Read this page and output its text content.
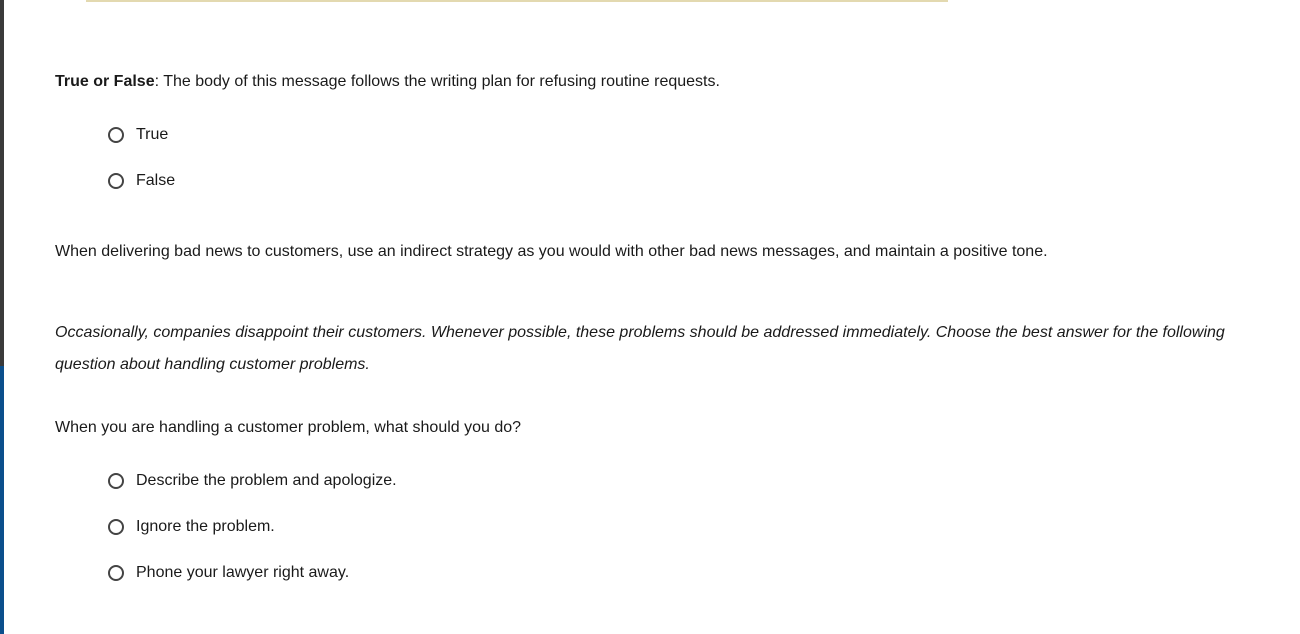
True or False: The body of this message follows the writing plan for refusing routine requests.
True
False
When delivering bad news to customers, use an indirect strategy as you would with other bad news messages, and maintain a positive tone.
Occasionally, companies disappoint their customers. Whenever possible, these problems should be addressed immediately. Choose the best answer for the following question about handling customer problems.
When you are handling a customer problem, what should you do?
Describe the problem and apologize.
Ignore the problem.
Phone your lawyer right away.
